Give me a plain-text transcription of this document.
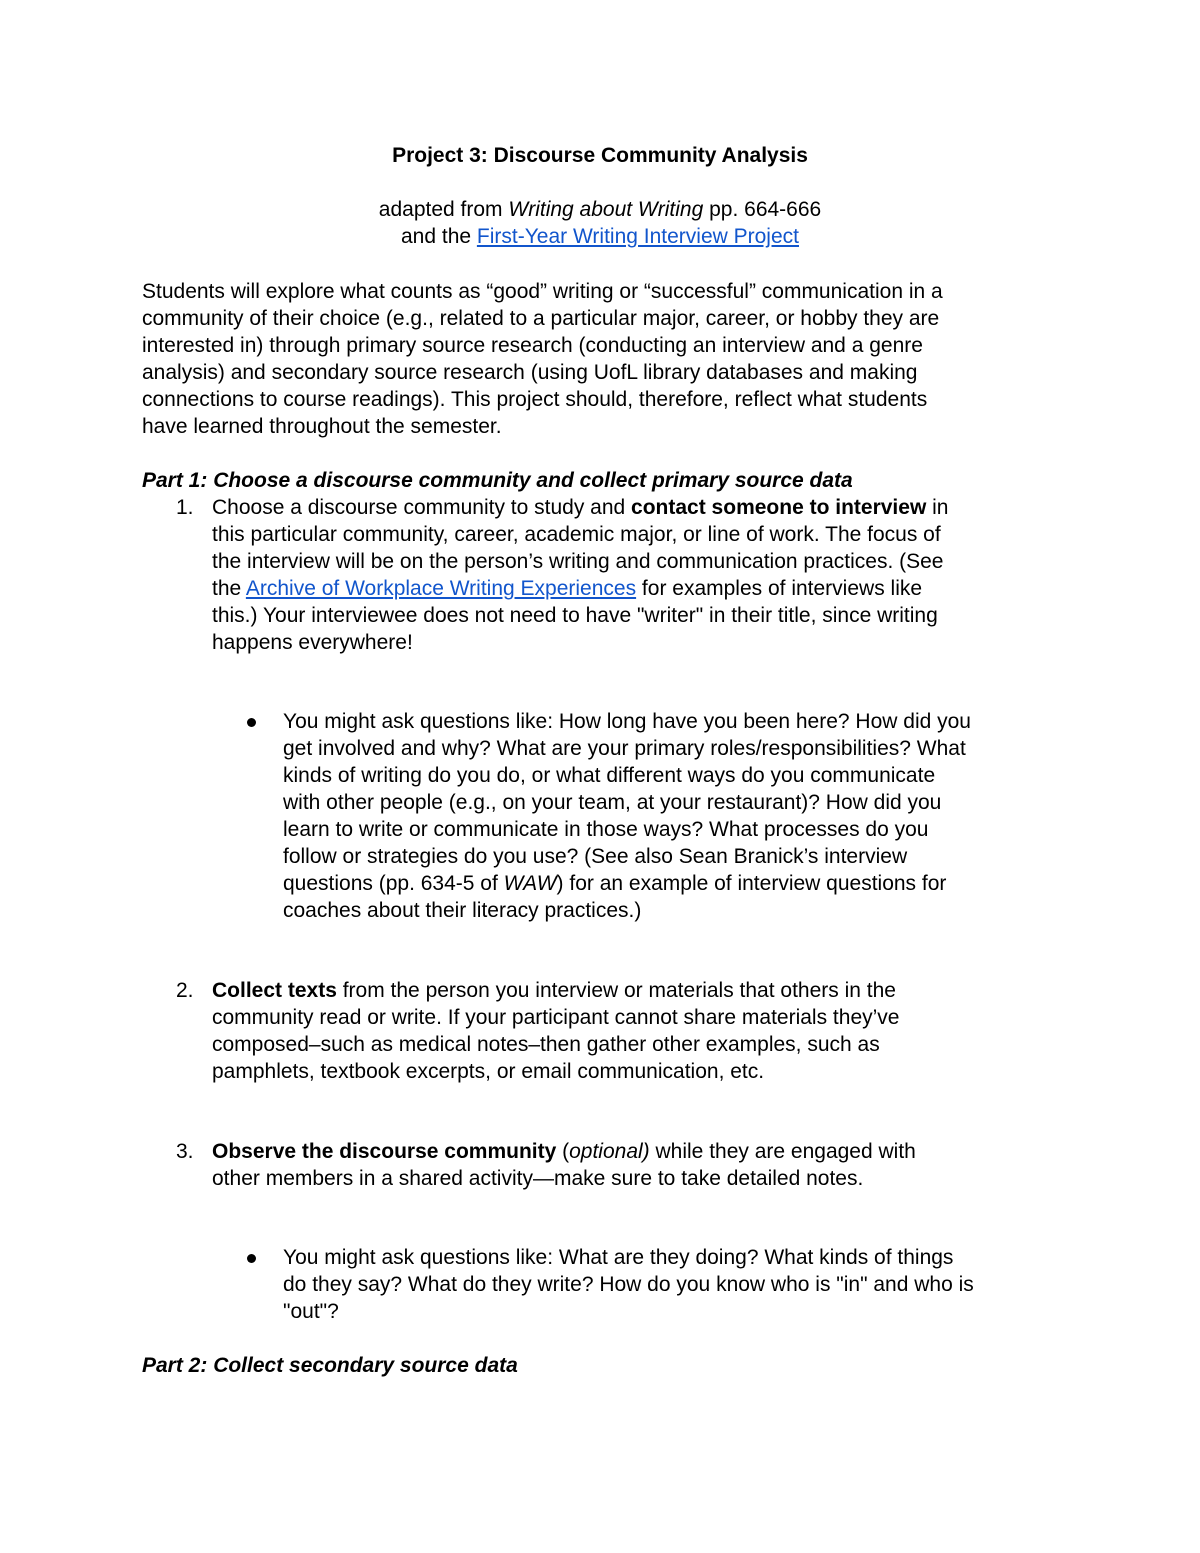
Project 3: Discourse Community Analysis
adapted from Writing about Writing pp. 664-666
and the First-Year Writing Interview Project
Students will explore what counts as “good” writing or “successful” communication in a
community of their choice (e.g., related to a particular major, career, or hobby they are
interested in) through primary source research (conducting an interview and a genre
analysis) and secondary source research (using UofL library databases and making
connections to course readings). This project should, therefore, reflect what students
have learned throughout the semester.
Part 1: Choose a discourse community and collect primary source data
1. Choose a discourse community to study and contact someone to interview in
this particular community, career, academic major, or line of work. The focus of
the interview will be on the person’s writing and communication practices. (See
the Archive of Workplace Writing Experiences for examples of interviews like
this.) Your interviewee does not need to have "writer" in their title, since writing
happens everywhere!
You might ask questions like: How long have you been here? How did you
get involved and why? What are your primary roles/responsibilities? What
kinds of writing do you do, or what different ways do you communicate
with other people (e.g., on your team, at your restaurant)? How did you
learn to write or communicate in those ways? What processes do you
follow or strategies do you use? (See also Sean Branick’s interview
questions (pp. 634-5 of WAW) for an example of interview questions for
coaches about their literacy practices.)
2. Collect texts from the person you interview or materials that others in the
community read or write. If your participant cannot share materials they’ve
composed–such as medical notes–then gather other examples, such as
pamphlets, textbook excerpts, or email communication, etc.
3. Observe the discourse community (optional) while they are engaged with
other members in a shared activity—make sure to take detailed notes.
You might ask questions like: What are they doing? What kinds of things
do they say? What do they write? How do you know who is "in" and who is
"out"?
Part 2: Collect secondary source data
